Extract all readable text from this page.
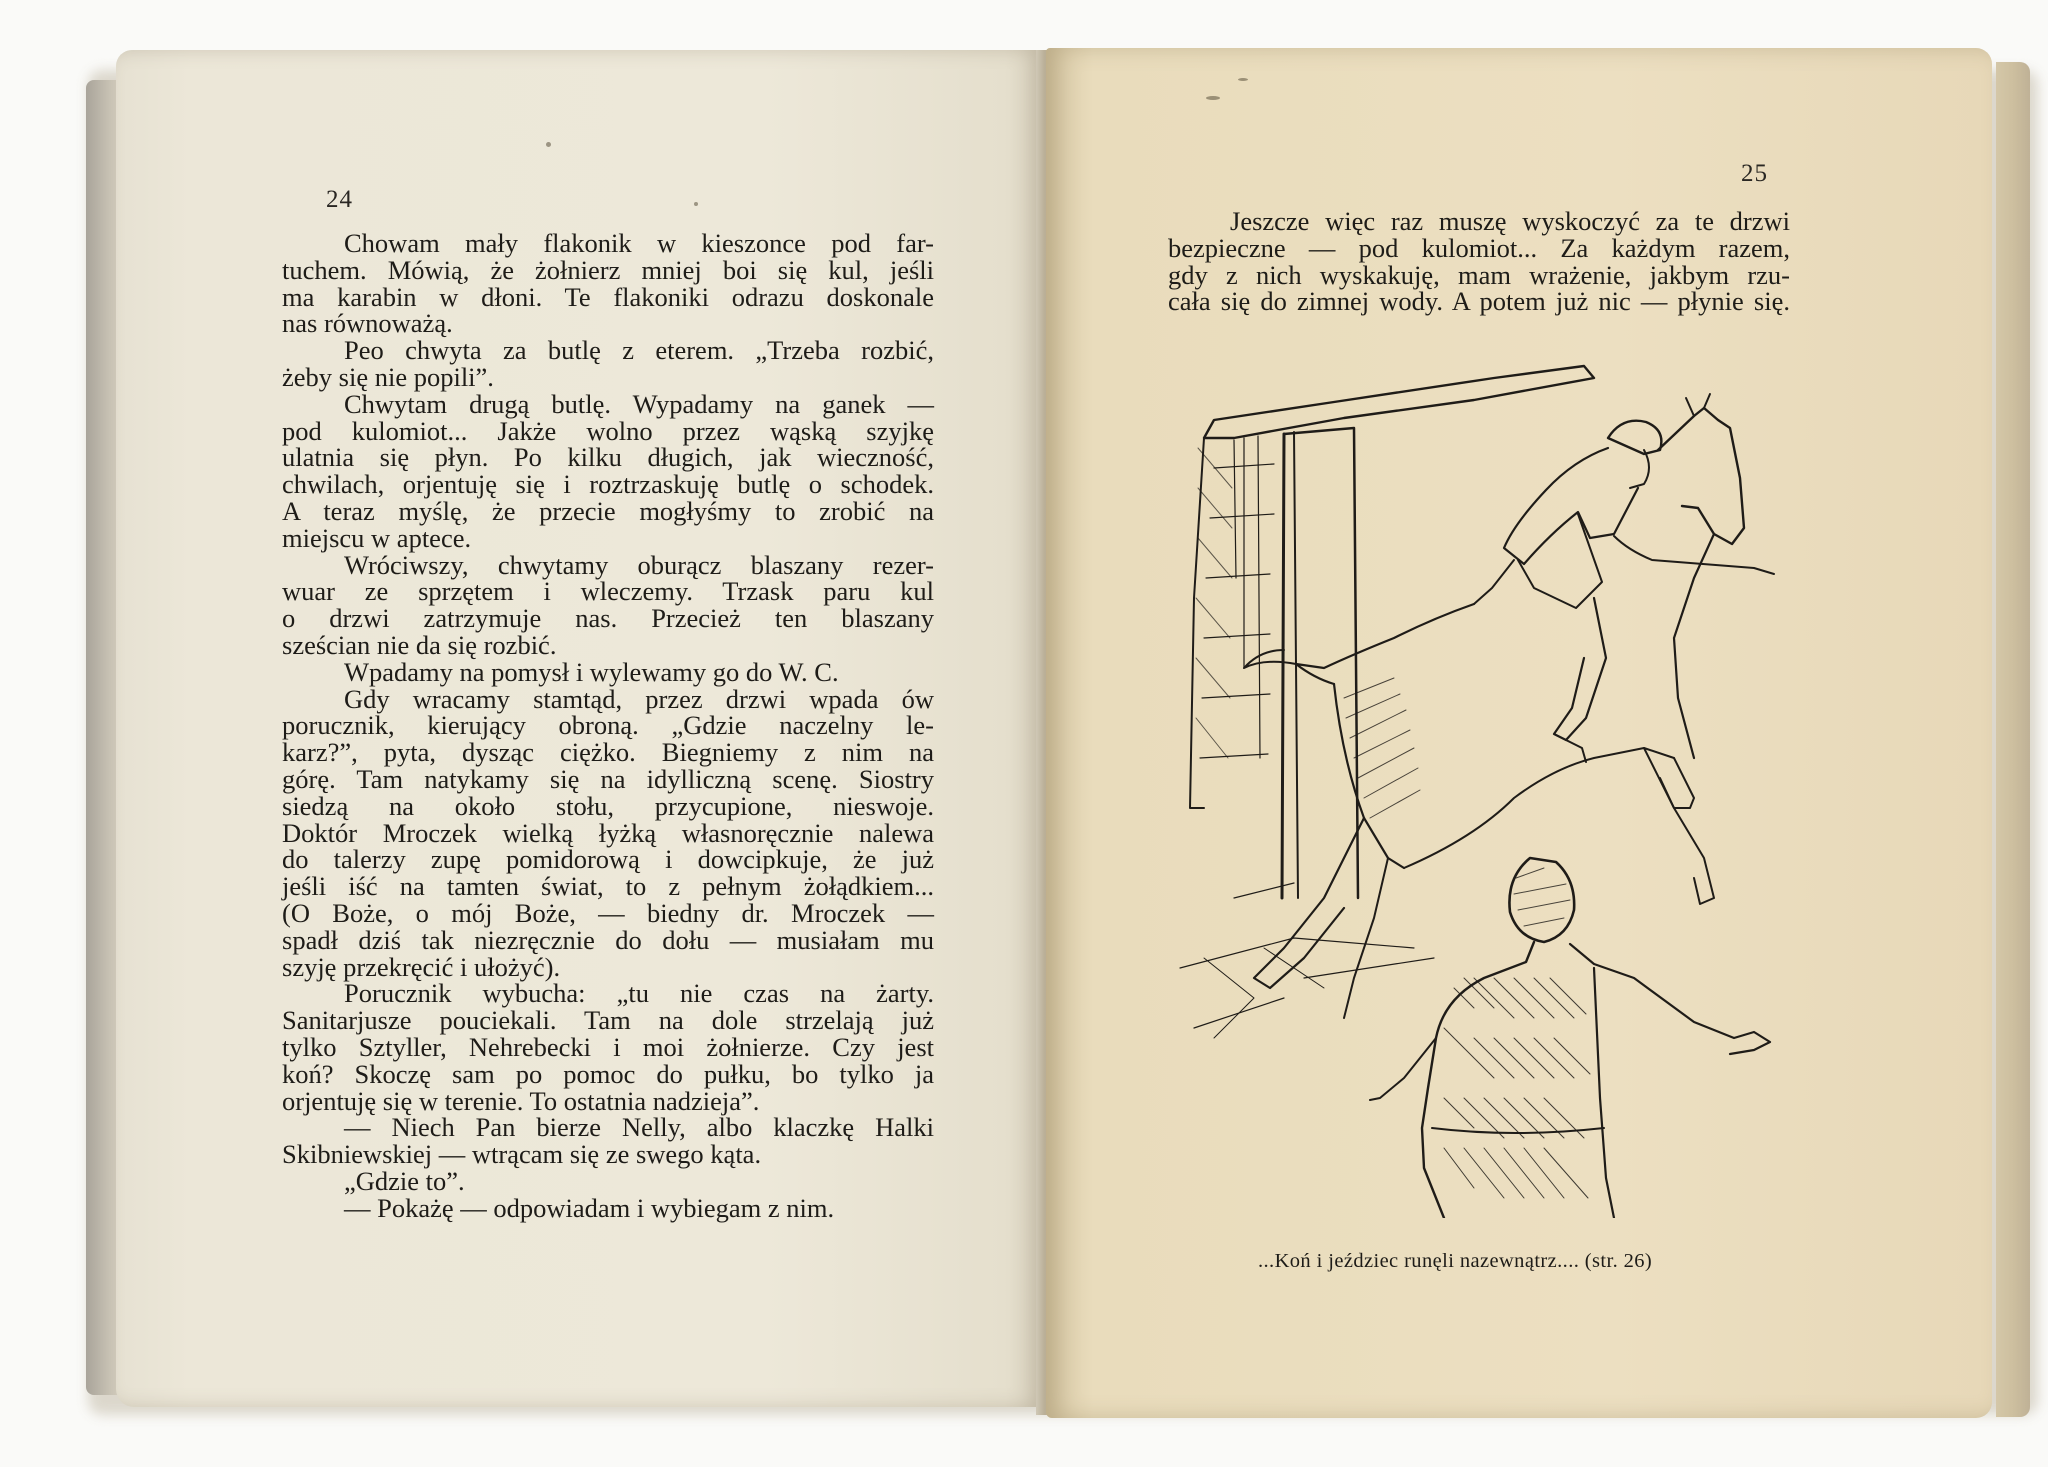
24
Chowam mały flakonik w kieszonce pod far-
tuchem. Mówią, że żołnierz mniej boi się kul, jeśli
ma karabin w dłoni. Te flakoniki odrazu doskonale
nas równoważą.
Peo chwyta za butlę z eterem. „Trzeba rozbić,
żeby się nie popili”.
Chwytam drugą butlę. Wypadamy na ganek —
pod kulomiot... Jakże wolno przez wąską szyjkę
ulatnia się płyn. Po kilku długich, jak wieczność,
chwilach, orjentuję się i roztrzaskuję butlę o schodek.
A teraz myślę, że przecie mogłyśmy to zrobić na
miejscu w aptece.
Wróciwszy, chwytamy oburącz blaszany rezer-
wuar ze sprzętem i wleczemy. Trzask paru kul
o drzwi zatrzymuje nas. Przecież ten blaszany
sześcian nie da się rozbić.
Wpadamy na pomysł i wylewamy go do W. C.
Gdy wracamy stamtąd, przez drzwi wpada ów
porucznik, kierujący obroną. „Gdzie naczelny le-
karz?”, pyta, dysząc ciężko. Biegniemy z nim na
górę. Tam natykamy się na idylliczną scenę. Siostry
siedzą na około stołu, przycupione, nieswoje.
Doktór Mroczek wielką łyżką własnoręcznie nalewa
do talerzy zupę pomidorową i dowcipkuje, że już
jeśli iść na tamten świat, to z pełnym żołądkiem...
(O Boże, o mój Boże, — biedny dr. Mroczek —
spadł dziś tak niezręcznie do dołu — musiałam mu
szyję przekręcić i ułożyć).
Porucznik wybucha: „tu nie czas na żarty.
Sanitarjusze pouciekali. Tam na dole strzelają już
tylko Sztyller, Nehrebecki i moi żołnierze. Czy jest
koń? Skoczę sam po pomoc do pułku, bo tylko ja
orjentuję się w terenie. To ostatnia nadzieja”.
— Niech Pan bierze Nelly, albo klaczkę Halki
Skibniewskiej — wtrącam się ze swego kąta.
„Gdzie to”.
— Pokażę — odpowiadam i wybiegam z nim.
25
Jeszcze więc raz muszę wyskoczyć za te drzwi
bezpieczne — pod kulomiot... Za każdym razem,
gdy z nich wyskakuję, mam wrażenie, jakbym rzu-
cała się do zimnej wody. A potem już nic — płynie się.
...Koń i jeździec runęli nazewnątrz.... (str. 26)
